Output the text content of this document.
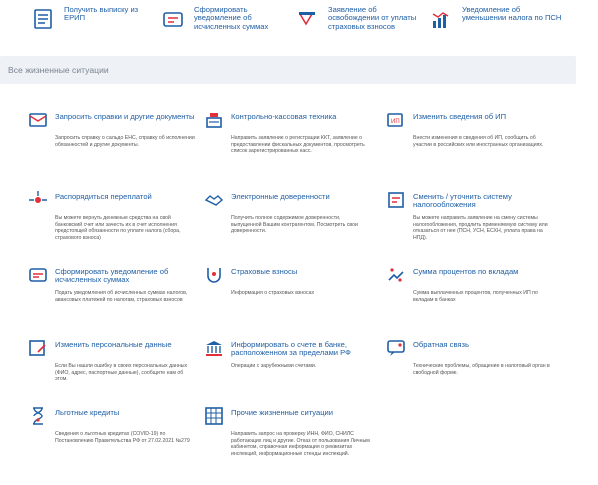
Получить выписку из ЕРИП
Сформировать уведомление об исчисленных суммах
Заявление об освобождении от уплаты страховых взносов
Уведомление об уменьшении налога по ПСН
Все жизненные ситуации
Запросить справки и другие документы
Запросить справку о сальдо ЕНС, справку об исполнении обязанностей и другие документы.
Контрольно-кассовая техника
Направить заявление о регистрации ККТ, заявление о предоставлении фискальных документов, просмотреть список зарегистрированных касс.
ИП
Изменить сведения об ИП
Внести изменения в сведения об ИП, сообщить об участии в российских или иностранных организациях.
Распорядиться переплатой
Вы можете вернуть денежные средства на свой банковский счет или зачесть их в счет исполнения предстоящей обязанности по уплате налога (сбора, страхового взноса)
Электронные доверенности
Получить полное содержимое доверенности, выпущенной Вашим контрагентом. Посмотреть свои доверенности.
Сменить / уточнить систему налогообложения
Вы можете направить заявление на смену системы налогообложения, продлить применяемую систему или отказаться от нее (ПСН, УСН, ЕСХН, уплата права на НПД).
Сформировать уведомление об исчисленных суммах
Подать уведомления об исчисленных суммах налогов, авансовых платежей по налогам, страховых взносов
Страховые взносы
Информация о страховых взносах
Сумма процентов по вкладам
Сумма выплаченных процентов, полученных ИП по вкладам в банках
Изменить персональные данные
Если Вы нашли ошибку в своих персональных данных (ФИО, адрес, паспортные данные), сообщите нам об этом.
Информировать о счете в банке, расположенном за пределами РФ
Операции с зарубежными счетами.
Обратная связь
Технические проблемы, обращение в налоговый орган в свободной форме.
Льготные кредиты
Сведения о льготных кредитах (COVID-19) по Постановлению Правительства РФ от 27.02.2021 №279
Прочие жизненные ситуации
Направить запрос на проверку ИНН, ФИО, СНИЛС работающих лиц и другие. Отказ от пользования Личным кабинетом, справочная информация о реквизитах инспекций, информационные стенды инспекций.
